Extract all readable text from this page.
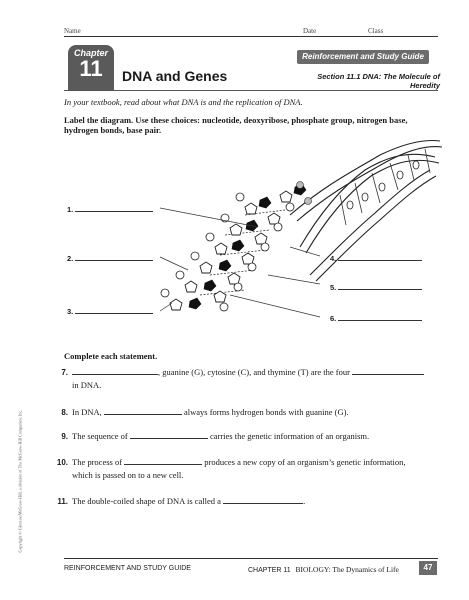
Name	Date	Class
Chapter
11	DNA and Genes
Reinforcement and Study Guide
Section 11.1 DNA: The Molecule of
Heredity
In your textbook, read about what DNA is and the replication of DNA.
Label the diagram. Use these choices: nucleotide, deoxyribose, phosphate group, nitrogen base,
hydrogen bonds, base pair.
1.
2.
3.
4.
5.
6.
Complete each statement.
7.	, guanine (G), cytosine (C), and thymine (T) are the four
in DNA.
8. In DNA,	always forms hydrogen bonds with guanine (G).
9. The sequence of	carries the genetic information of an organism.
10. The process of	produces a new copy of an organism’s genetic information,
which is passed on to a new cell.
11. The double-coiled shape of DNA is called a	.
Copyright © Glencoe/McGraw-Hill, a division of The McGraw-Hill Companies, Inc.
REINFORCEMENT AND STUDY GUIDE	CHAPTER 11 BIOLOGY: The Dynamics of Life	47
